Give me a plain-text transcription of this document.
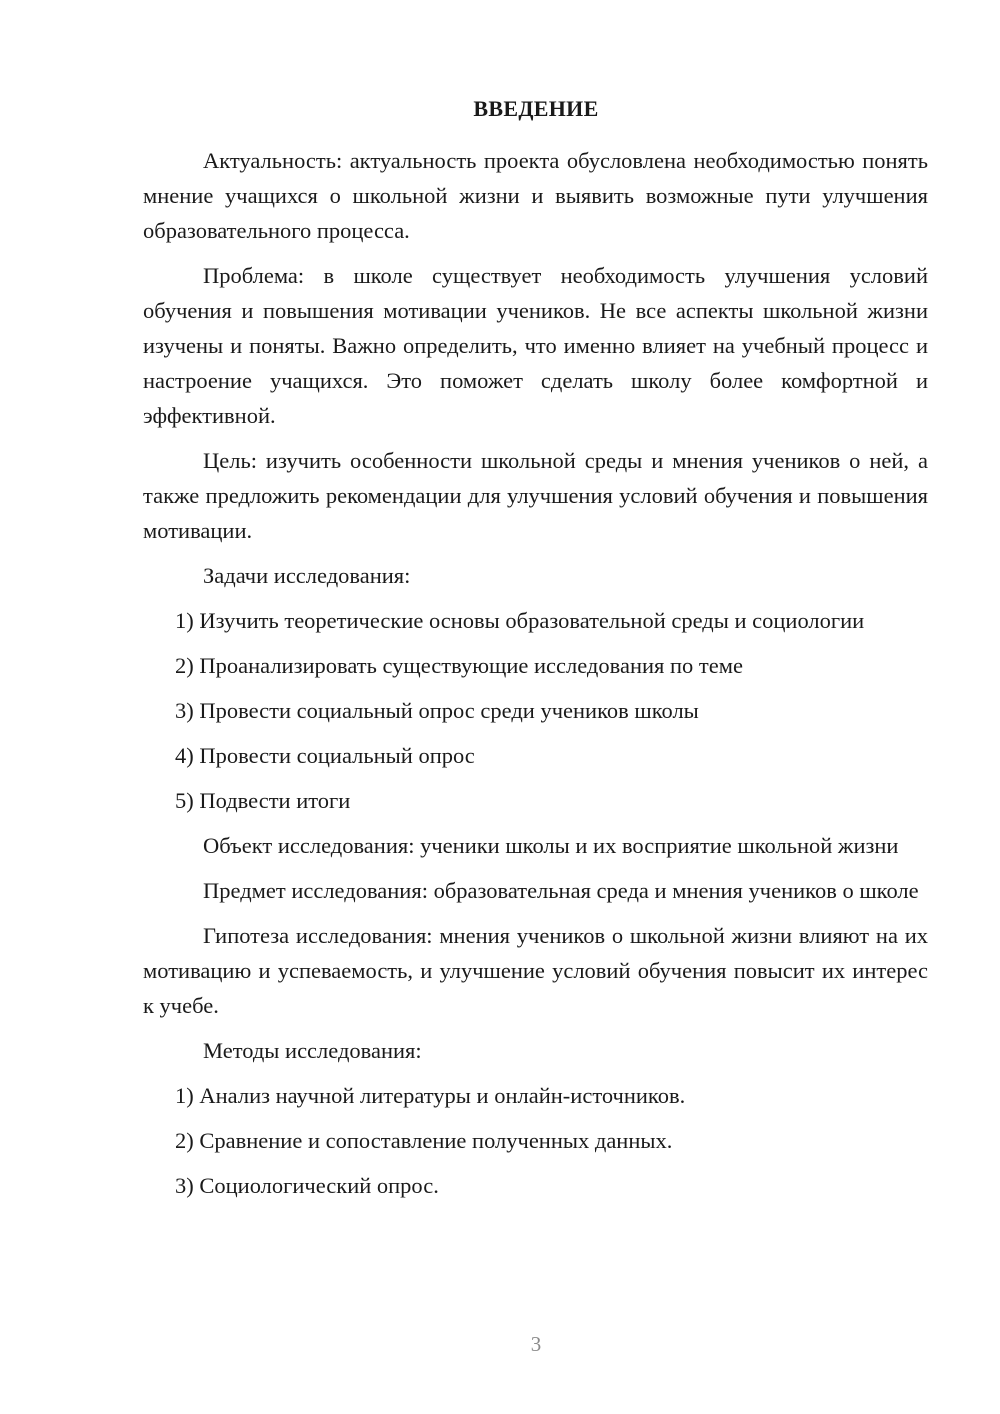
ВВЕДЕНИЕ

Актуальность: актуальность проекта обусловлена необходимостью понять мнение учащихся о школьной жизни и выявить возможные пути улучшения образовательного процесса.

Проблема: в школе существует необходимость улучшения условий обучения и повышения мотивации учеников. Не все аспекты школьной жизни изучены и поняты. Важно определить, что именно влияет на учебный процесс и настроение учащихся. Это поможет сделать школу более комфортной и эффективной.

Цель: изучить особенности школьной среды и мнения учеников о ней, а также предложить рекомендации для улучшения условий обучения и повышения мотивации.

Задачи исследования:

1) Изучить теоретические основы образовательной среды и социологии

2) Проанализировать существующие исследования по теме

3) Провести социальный опрос среди учеников школы

4) Провести социальный опрос

5) Подвести итоги

Объект исследования: ученики школы и их восприятие школьной жизни

Предмет исследования: образовательная среда и мнения учеников о школе

Гипотеза исследования: мнения учеников о школьной жизни влияют на их мотивацию и успеваемость, и улучшение условий обучения повысит их интерес к учебе.

Методы исследования:

1) Анализ научной литературы и онлайн-источников.

2) Сравнение и сопоставление полученных данных.

3) Социологический опрос.

3
